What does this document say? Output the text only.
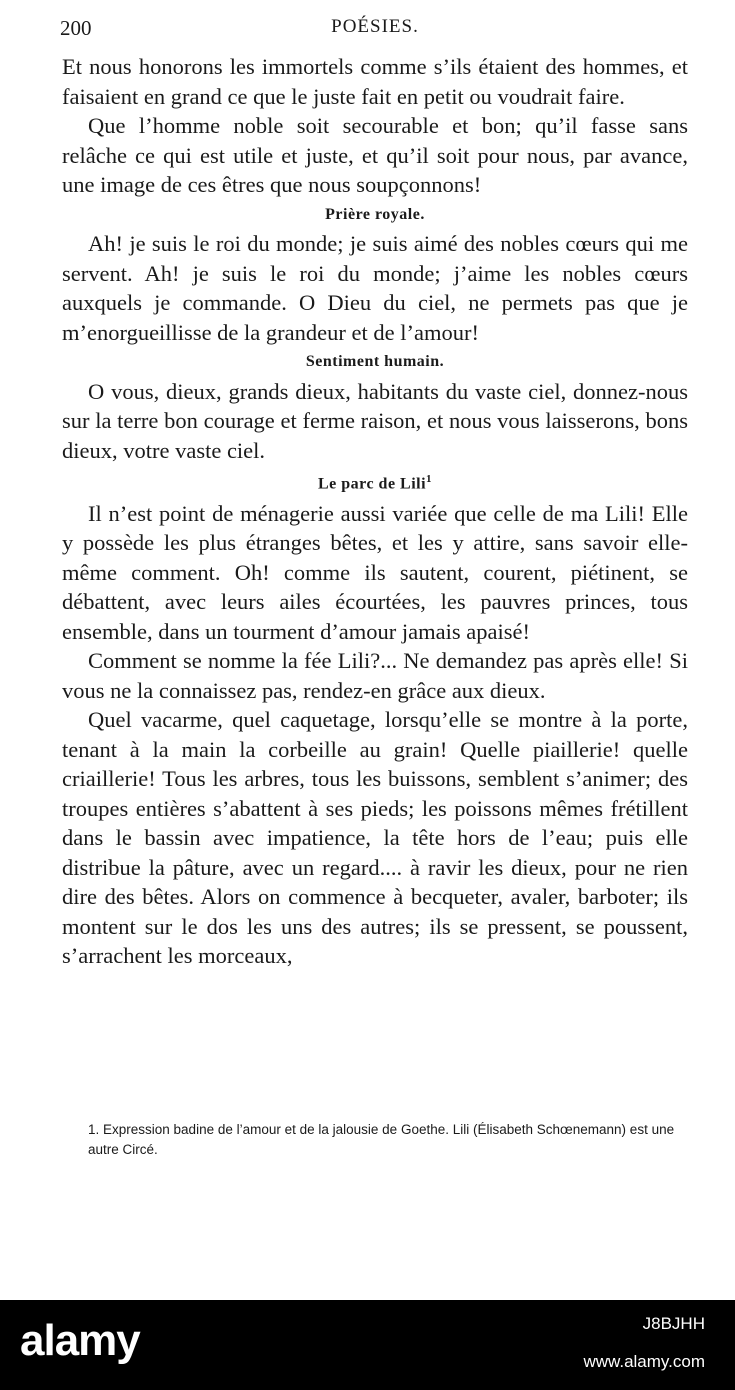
200	POÉSIES.

Et nous honorons les immortels comme s’ils étaient des hommes, et faisaient en grand ce que le juste fait en petit ou voudrait faire.

Que l’homme noble soit secourable et bon; qu’il fasse sans relâche ce qui est utile et juste, et qu’il soit pour nous, par avance, une image de ces êtres que nous soupçonnons!

Prière royale.

Ah! je suis le roi du monde; je suis aimé des nobles cœurs qui me servent. Ah! je suis le roi du monde; j’aime les nobles cœurs auxquels je commande. O Dieu du ciel, ne permets pas que je m’enorgueillisse de la grandeur et de l’amour!

Sentiment humain.

O vous, dieux, grands dieux, habitants du vaste ciel, donnez-nous sur la terre bon courage et ferme raison, et nous vous laisserons, bons dieux, votre vaste ciel.

Le parc de Lili$^1$

Il n’est point de ménagerie aussi variée que celle de ma Lili! Elle y possède les plus étranges bêtes, et les y attire, sans savoir elle-même comment. Oh! comme ils sautent, courent, piétinent, se débattent, avec leurs ailes écourtées, les pauvres princes, tous ensemble, dans un tourment d’amour jamais apaisé!

Comment se nomme la fée Lili?... Ne demandez pas après elle! Si vous ne la connaissez pas, rendez-en grâce aux dieux.

Quel vacarme, quel caquetage, lorsqu’elle se montre à la porte, tenant à la main la corbeille au grain! Quelle piaillerie! quelle criaillerie! Tous les arbres, tous les buissons, semblent s’animer; des troupes entières s’abattent à ses pieds; les poissons mêmes frétillent dans le bassin avec impatience, la tête hors de l’eau; puis elle distribue la pâture, avec un regard.... à ravir les dieux, pour ne rien dire des bêtes. Alors on commence à becqueter, avaler, barboter; ils montent sur le dos les uns des autres; ils se pressent, se poussent, s’arrachent les morceaux,

1. Expression badine de l’amour et de la jalousie de Goethe. Lili (Élisabeth Schœnemann) est une autre Circé.
alamy	J8BJHH
www.alamy.com
